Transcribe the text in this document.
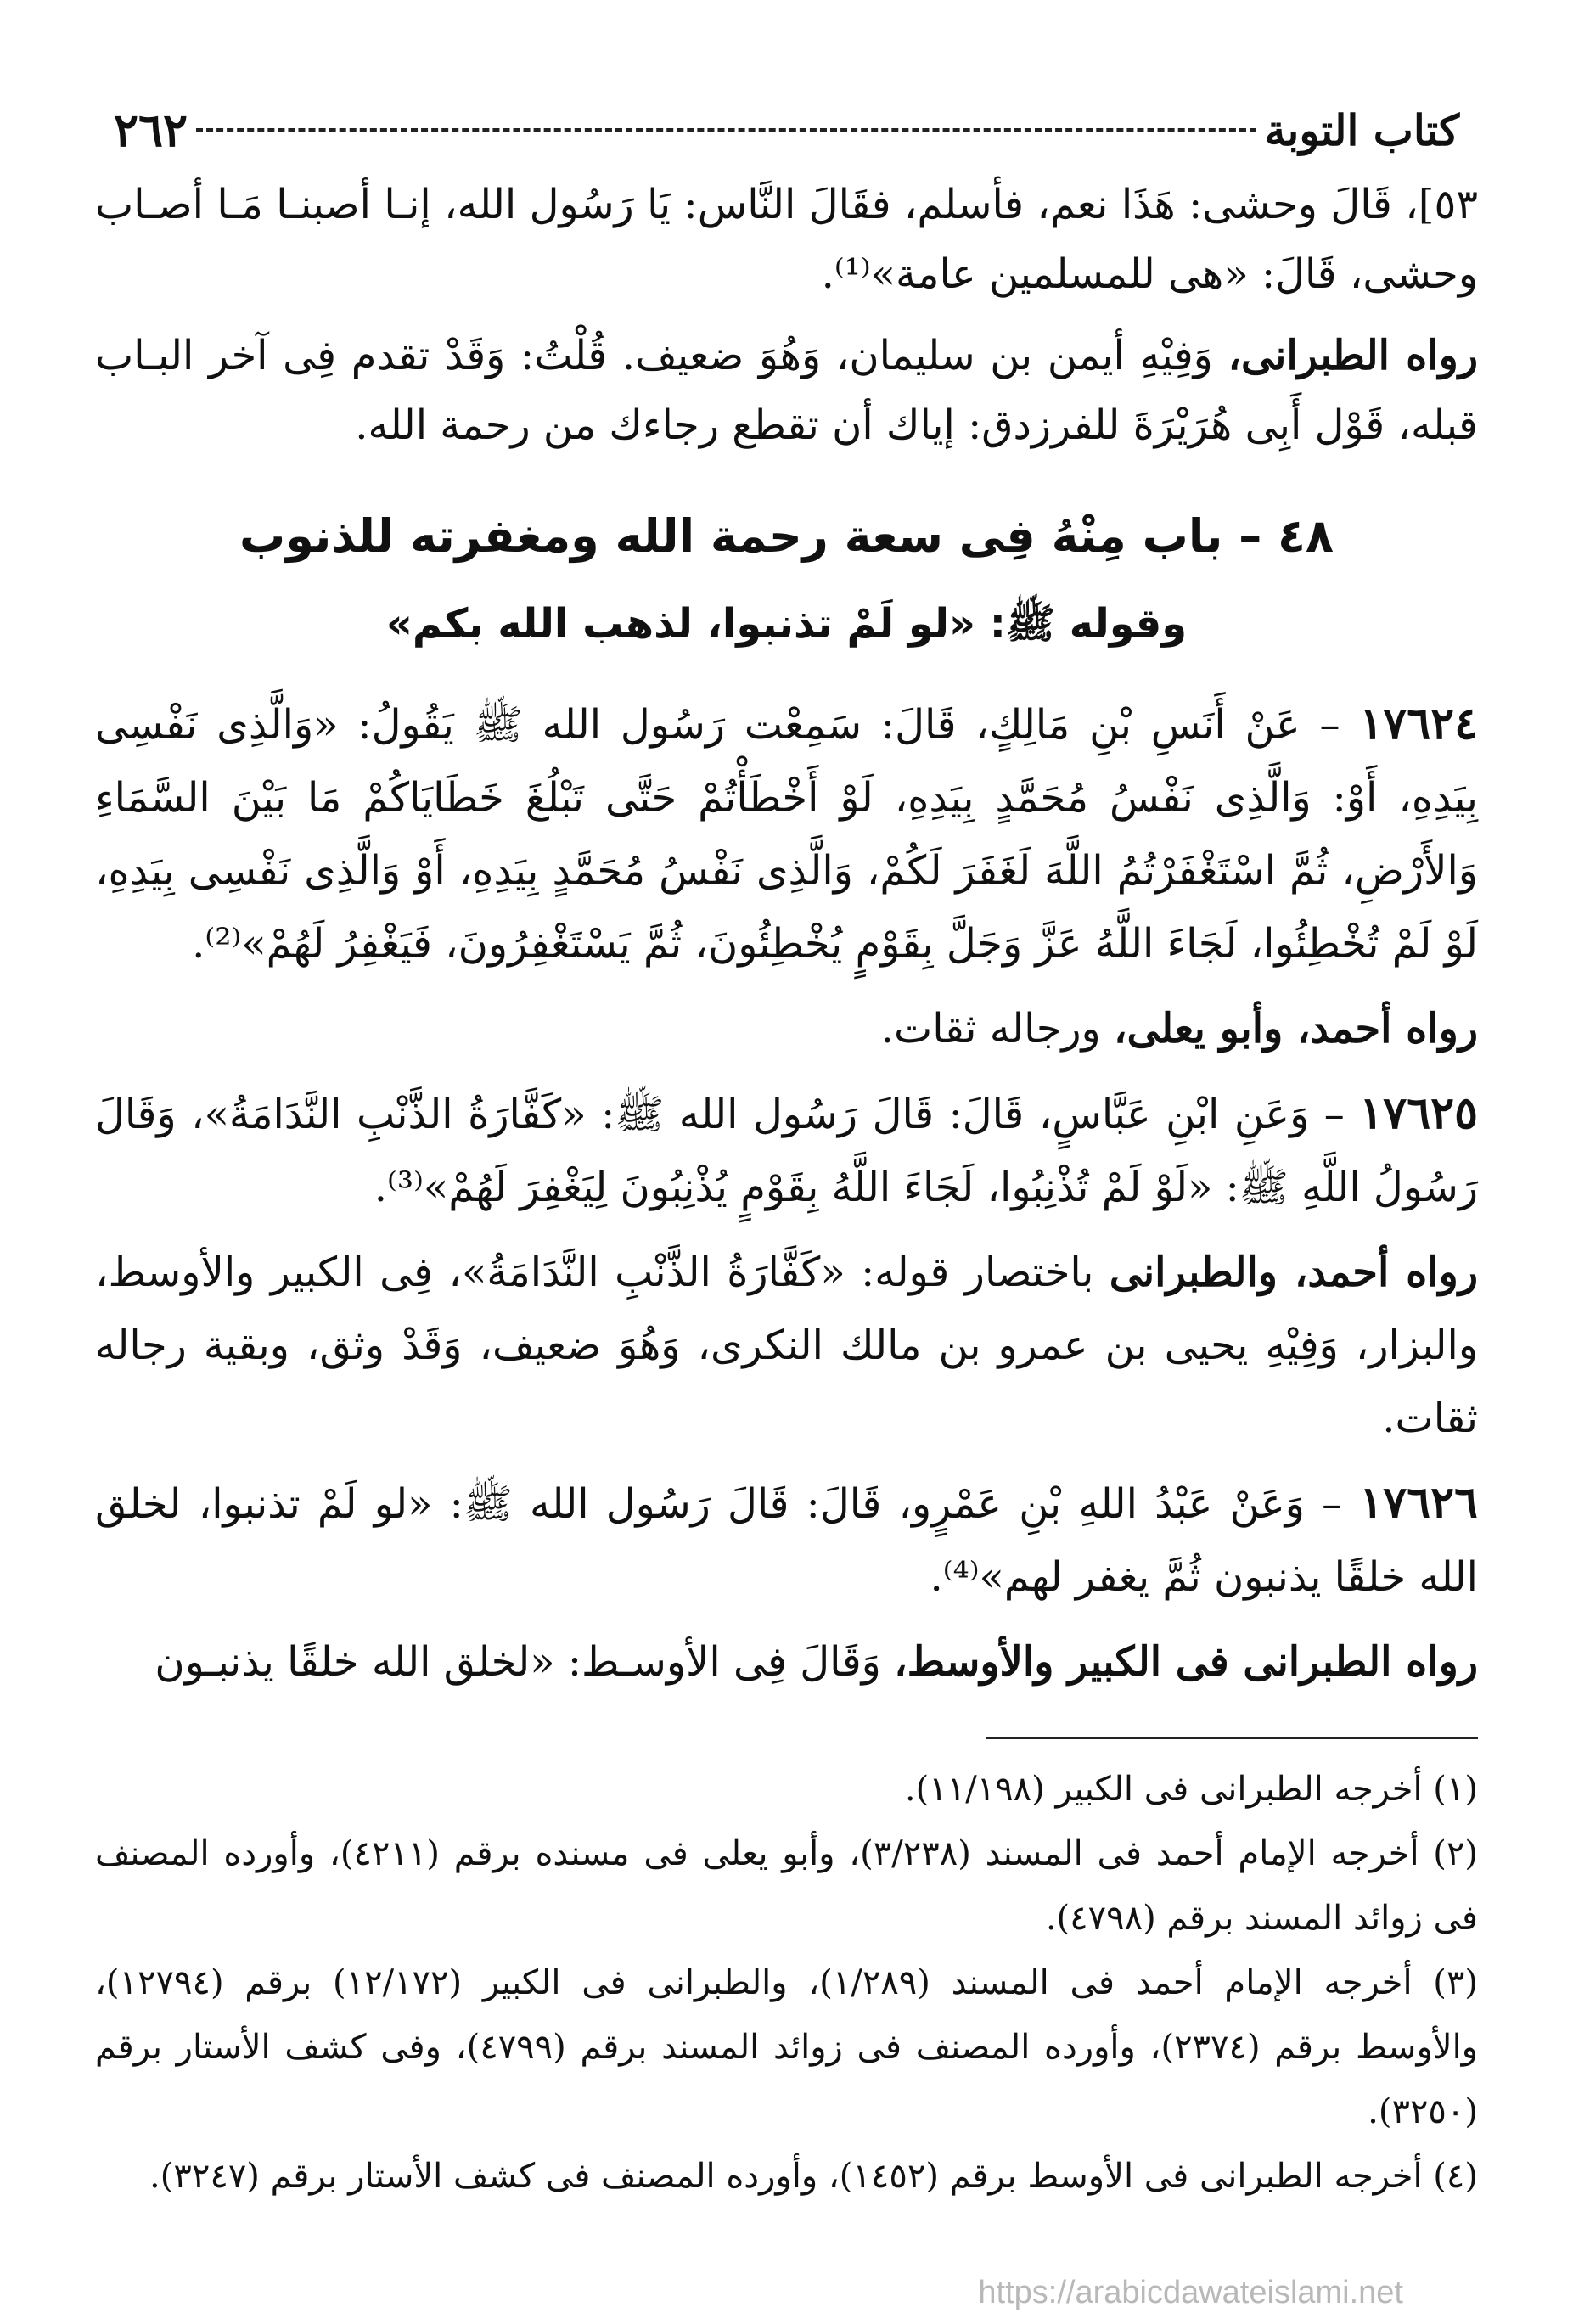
٢٦٢	كتاب التوبة

٥٣]، قَالَ وحشى: هَذَا نعم، فأسلم، فقَالَ النَّاس: يَا رَسُول الله، إنـا أصبنـا مَـا أصـاب وحشى، قَالَ: «هى للمسلمين عامة»⁽¹⁾.

رواه الطبرانى، وَفِيْهِ أيمن بن سليمان، وَهُوَ ضعيف. قُلْتُ: وَقَدْ تقدم فِى آخر البـاب قبله، قَوْل أَبِى هُرَيْرَةَ للفرزدق: إياك أن تقطع رجاءك من رحمة الله.

٤٨ – باب مِنْهُ فِى سعة رحمة الله ومغفرته للذنوب
وقوله ﷺ: «لو لَمْ تذنبوا، لذهب الله بكم»

١٧٦٢٤ – عَنْ أَنَسِ بْنِ مَالِكٍ، قَالَ: سَمِعْت رَسُول الله ﷺ يَقُولُ: «وَالَّذِى نَفْسِى بِيَدِهِ، أَوْ: وَالَّذِى نَفْسُ مُحَمَّدٍ بِيَدِهِ، لَوْ أَخْطَأْتُمْ حَتَّى تَبْلُغَ خَطَايَاكُمْ مَا بَيْنَ السَّمَاءِ وَالأَرْضِ، ثُمَّ اسْتَغْفَرْتُمُ اللَّهَ لَغَفَرَ لَكُمْ، وَالَّذِى نَفْسُ مُحَمَّدٍ بِيَدِهِ، أَوْ وَالَّذِى نَفْسِى بِيَدِهِ، لَوْ لَمْ تُخْطِئُوا، لَجَاءَ اللَّهُ عَزَّ وَجَلَّ بِقَوْمٍ يُخْطِئُونَ، ثُمَّ يَسْتَغْفِرُونَ، فَيَغْفِرُ لَهُمْ»⁽²⁾.

رواه أحمد، وأبو يعلى، ورجاله ثقات.

١٧٦٢٥ – وَعَنِ ابْنِ عَبَّاسٍ، قَالَ: قَالَ رَسُول الله ﷺ: «كَفَّارَةُ الذَّنْبِ النَّدَامَةُ»، وَقَالَ رَسُولُ اللَّهِ ﷺ: «لَوْ لَمْ تُذْنِبُوا، لَجَاءَ اللَّهُ بِقَوْمٍ يُذْنِبُونَ لِيَغْفِرَ لَهُمْ»⁽³⁾.

رواه أحمد، والطبرانى باختصار قوله: «كَفَّارَةُ الذَّنْبِ النَّدَامَةُ»، فِى الكبير والأوسط، والبزار، وَفِيْهِ يحيى بن عمرو بن مالك النكرى، وَهُوَ ضعيف، وَقَدْ وثق، وبقية رجاله ثقات.

١٧٦٢٦ – وَعَنْ عَبْدُ اللهِ بْنِ عَمْرٍو، قَالَ: قَالَ رَسُول الله ﷺ: «لو لَمْ تذنبوا، لخلق الله خلقًا يذنبون ثُمَّ يغفر لهم»⁽⁴⁾.

رواه الطبرانى فى الكبير والأوسط، وَقَالَ فِى الأوسـط: «لخلق الله خلقًا يذنبـون

(١) أخرجه الطبرانى فى الكبير (١١/١٩٨).

(٢) أخرجه الإمام أحمد فى المسند (٣/٢٣٨)، وأبو يعلى فى مسنده برقم (٤٢١١)، وأورده المصنف فى زوائد المسند برقم (٤٧٩٨).

(٣) أخرجه الإمام أحمد فى المسند (١/٢٨٩)، والطبرانى فى الكبير (١٢/١٧٢) برقم (١٢٧٩٤)، والأوسط برقم (٢٣٧٤)، وأورده المصنف فى زوائد المسند برقم (٤٧٩٩)، وفى كشف الأستار برقم (٣٢٥٠).

(٤) أخرجه الطبرانى فى الأوسط برقم (١٤٥٢)، وأورده المصنف فى كشف الأستار برقم (٣٢٤٧).

https://arabicdawateislami.net
